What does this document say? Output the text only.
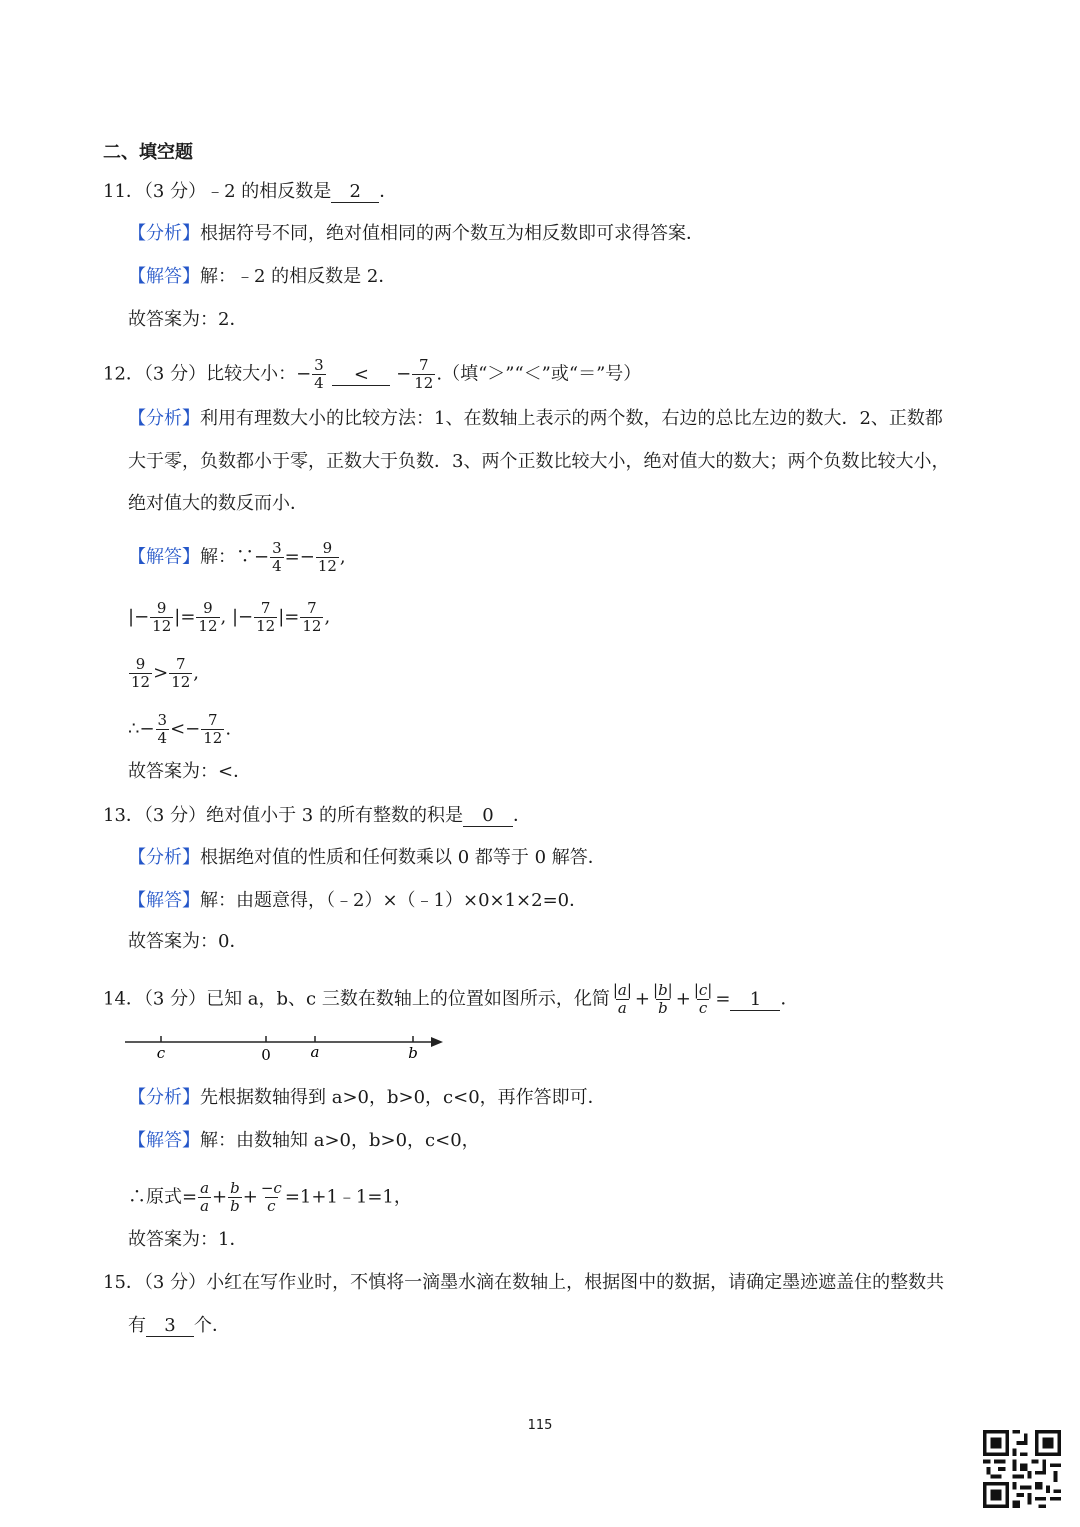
二、填空题
11．（3 分）﹣2 的相反数是 2 ．
【分析】根据符号不同，绝对值相同的两个数互为相反数即可求得答案．
【解答】解：﹣2 的相反数是 2．
故答案为：2．
12．（3 分）比较大小：− $\frac{3}{4}$ < − $\frac{7}{12}$ .（填“＞”“＜”或“＝”号）
【分析】利用有理数大小的比较方法：1、在数轴上表示的两个数，右边的总比左边的数大．2、正数都
大于零，负数都小于零，正数大于负数．3、两个正数比较大小，绝对值大的数大；两个负数比较大小，
绝对值大的数反而小．
【解答】解：∵− $\frac{3}{4} =- \frac{9}{12}$ ,
|− $\frac{9}{12}$ |= $\frac{9}{12}$ , |− $\frac{7}{12}$ |= $\frac{7}{12}$ ,
$\frac{9}{12} > \frac{7}{12}$ ,
∴− $\frac{3}{4} <- \frac{7}{12}$ .
故答案为：<．
13．（3 分）绝对值小于 3 的所有整数的积是 0 ．
【分析】根据绝对值的性质和任何数乘以 0 都等于 0 解答．
【解答】解：由题意得，（﹣2）×（﹣1）×0×1×2=0．
故答案为：0．
14．（3 分）已知 a，b、c 三数在数轴上的位置如图所示，化简 $\frac{|a|}{a} + \frac{|b|}{b} + \frac{|c|}{c} = 1$ ．
c	0	a	b
【分析】先根据数轴得到 a>0，b>0，c<0，再作答即可．
【解答】解：由数轴知 a>0，b>0，c<0，
∴原式= $\frac{a}{a} + \frac{b}{b} + \frac{-c}{c}$ =1+1﹣1=1，
故答案为：1．
15．（3 分）小红在写作业时，不慎将一滴墨水滴在数轴上，根据图中的数据，请确定墨迹遮盖住的整数共
有 3 个．
115
